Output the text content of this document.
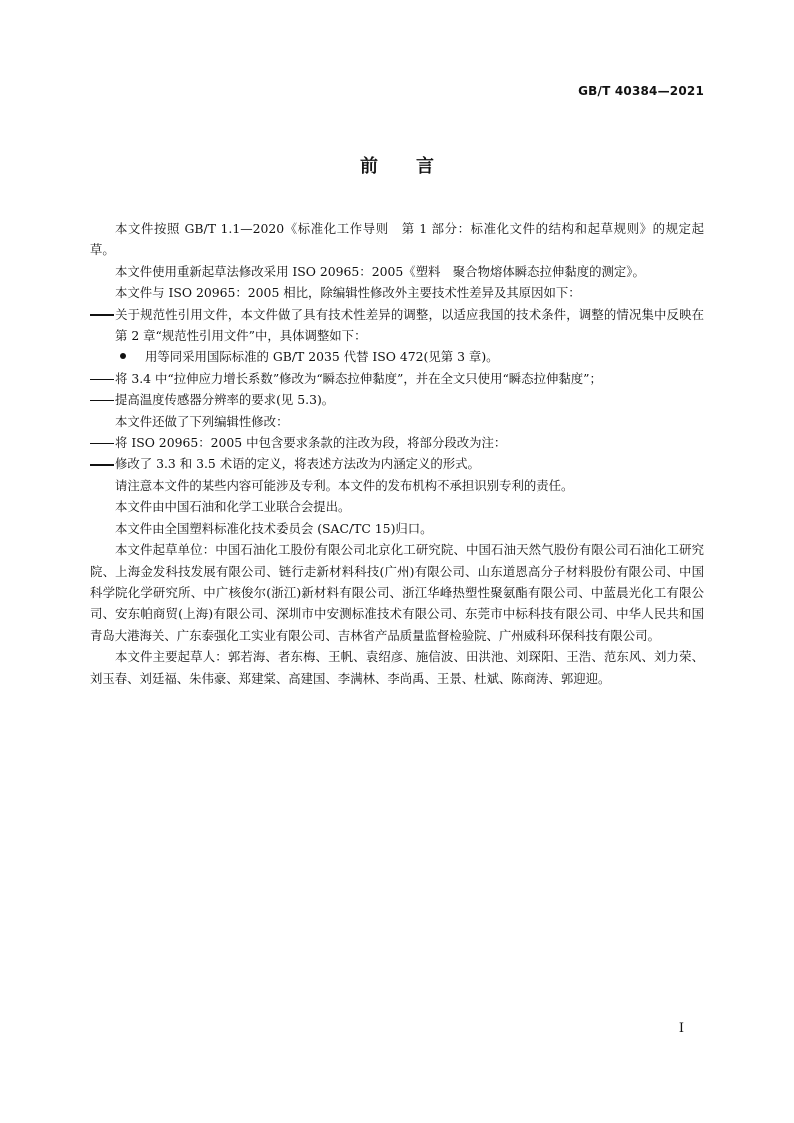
GB/T 40384—2021
前言

本文件按照 GB/T 1.1—2020《标准化工作导则　第 1 部分：标准化文件的结构和起草规则》的规定起草。

本文件使用重新起草法修改采用 ISO 20965：2005《塑料　聚合物熔体瞬态拉伸黏度的测定》。

本文件与 ISO 20965：2005 相比，除编辑性修改外主要技术性差异及其原因如下：

关于规范性引用文件，本文件做了具有技术性差异的调整，以适应我国的技术条件，调整的情况集中反映在第 2 章“规范性引用文件”中，具体调整如下：

用等同采用国际标准的 GB/T 2035 代替 ISO 472(见第 3 章)。

将 3.4 中“拉伸应力增长系数”修改为“瞬态拉伸黏度”，并在全文只使用“瞬态拉伸黏度”；

提高温度传感器分辨率的要求(见 5.3)。

本文件还做了下列编辑性修改：

将 ISO 20965：2005 中包含要求条款的注改为段，将部分段改为注：

修改了 3.3 和 3.5 术语的定义，将表述方法改为内涵定义的形式。

请注意本文件的某些内容可能涉及专利。本文件的发布机构不承担识别专利的责任。

本文件由中国石油和化学工业联合会提出。

本文件由全国塑料标准化技术委员会 (SAC/TC 15)归口。

本文件起草单位：中国石油化工股份有限公司北京化工研究院、中国石油天然气股份有限公司石油化工研究院、上海金发科技发展有限公司、链行走新材料科技(广州)有限公司、山东道恩高分子材料股份有限公司、中国科学院化学研究所、中广核俊尔(浙江)新材料有限公司、浙江华峰热塑性聚氨酯有限公司、中蓝晨光化工有限公司、安东帕商贸(上海)有限公司、深圳市中安测标准技术有限公司、东莞市中标科技有限公司、中华人民共和国青岛大港海关、广东泰强化工实业有限公司、吉林省产品质量监督检验院、广州威科环保科技有限公司。

本文件主要起草人：郭若海、者东梅、王帆、袁绍彦、施信波、田洪池、刘琛阳、王浩、范东风、刘力荣、刘玉春、刘廷福、朱伟豪、郑建棠、高建国、李满林、李尚禹、王景、杜斌、陈商涛、郭迎迎。

I
